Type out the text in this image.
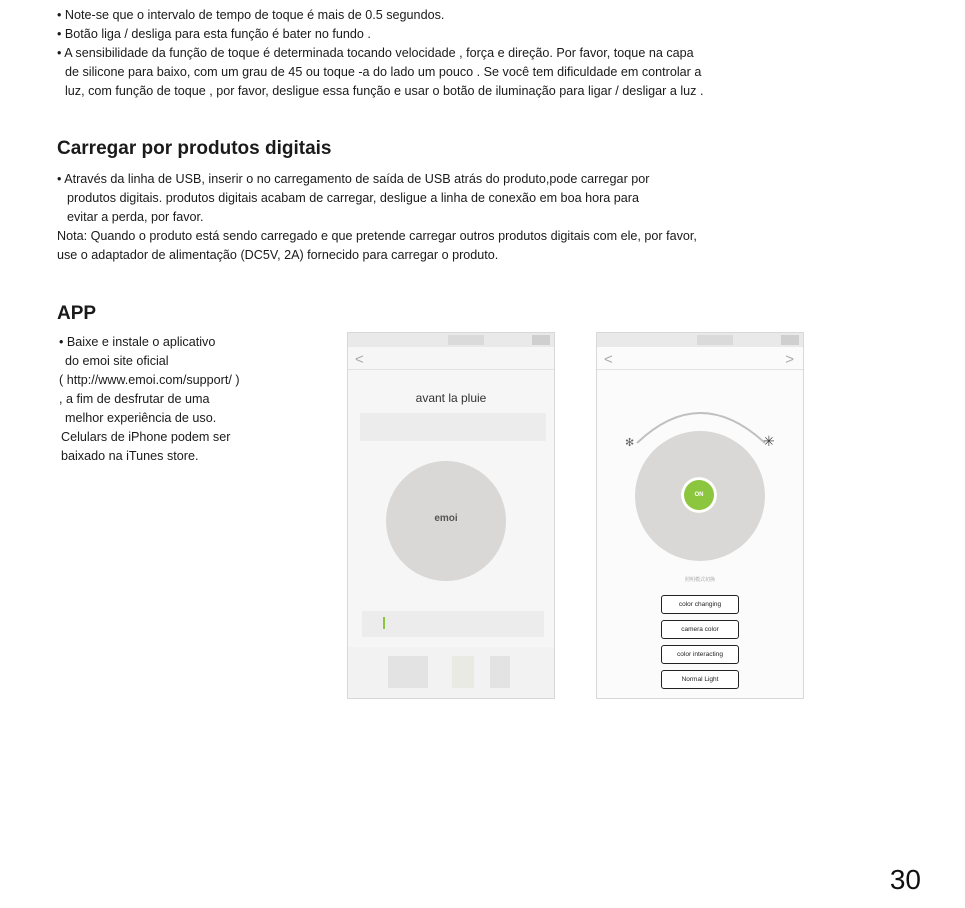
• Note-se que o intervalo de tempo de toque é mais de 0.5 segundos.
• Botão liga / desliga para esta função é bater no fundo .
• A sensibilidade da função de toque é determinada tocando velocidade , força e direção. Por favor, toque na capa
de silicone para baixo, com um grau de 45 ou toque -a do lado um pouco . Se você tem dificuldade em controlar a
luz, com função de toque , por favor, desligue essa função e usar o botão de iluminação para ligar / desligar a luz .
Carregar por produtos digitais
• Através da linha de USB, inserir o no carregamento de saída de USB atrás do produto,pode carregar por
produtos digitais. produtos digitais acabam de carregar, desligue a linha de conexão em boa hora para
evitar a perda, por favor.
Nota: Quando o produto está sendo carregado e que pretende carregar outros produtos digitais com ele, por favor,
use o adaptador de alimentação (DC5V, 2A) fornecido para carregar o produto.
APP
• Baixe e instale o aplicativo
do emoi site oficial
( http://www.emoi.com/support/ )
, a fim de desfrutar de uma
melhor experiência de uso.
Celulars de iPhone podem ser
baixado na iTunes store.
<
avant la pluie
emoi
<	>
✻	✳
ON
照明模式切换
color changing
camera color
color interacting
Normal Light
30
